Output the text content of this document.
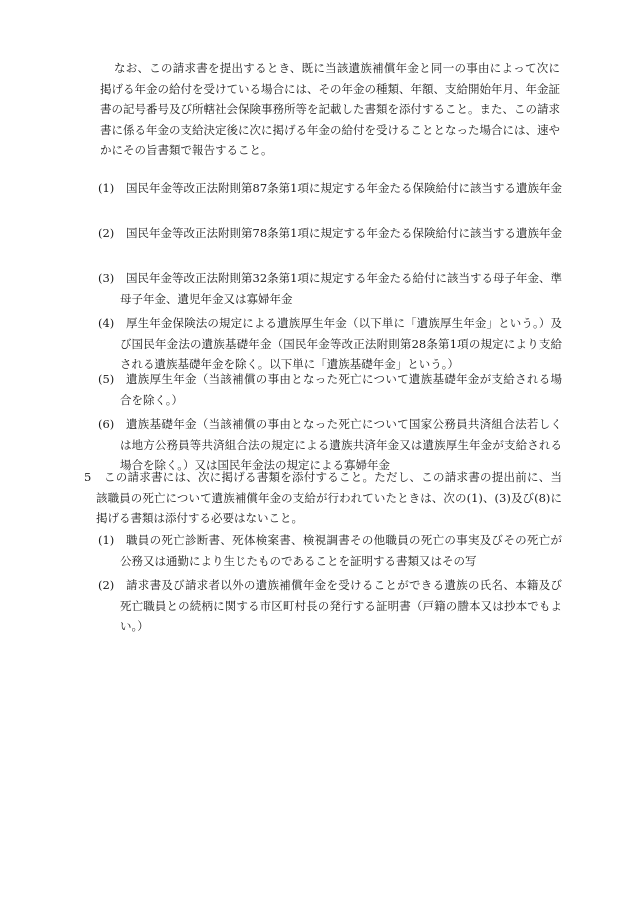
なお、この請求書を提出するとき、既に当該遺族補償年金と同一の事由によって次に掲げる年金の給付を受けている場合には、その年金の種類、年額、支給開始年月、年金証書の記号番号及び所轄社会保険事務所等を記載した書類を添付すること。また、この請求書に係る年金の支給決定後に次に掲げる年金の給付を受けることとなった場合には、速やかにその旨書類で報告すること。

(1)	国民年金等改正法附則第87条第1項に規定する年金たる保険給付に該当する遺族年金
(2)	国民年金等改正法附則第78条第1項に規定する年金たる保険給付に該当する遺族年金
(3)	国民年金等改正法附則第32条第1項に規定する年金たる給付に該当する母子年金、準母子年金、遺児年金又は寡婦年金
(4)	厚生年金保険法の規定による遺族厚生年金（以下単に「遺族厚生年金」という。）及び国民年金法の遺族基礎年金（国民年金等改正法附則第28条第1項の規定により支給される遺族基礎年金を除く。以下単に「遺族基礎年金」という。）
(5)	遺族厚生年金（当該補償の事由となった死亡について遺族基礎年金が支給される場合を除く。）
(6)	遺族基礎年金（当該補償の事由となった死亡について国家公務員共済組合法若しくは地方公務員等共済組合法の規定による遺族共済年金又は遺族厚生年金が支給される場合を除く。）又は国民年金法の規定による寡婦年金
5	この請求書には、次に掲げる書類を添付すること。ただし、この請求書の提出前に、当該職員の死亡について遺族補償年金の支給が行われていたときは、次の(1)、(3)及び(8)に掲げる書類は添付する必要はないこと。
(1)	職員の死亡診断書、死体検案書、検視調書その他職員の死亡の事実及びその死亡が公務又は通勤により生じたものであることを証明する書類又はその写
(2)	請求書及び請求者以外の遺族補償年金を受けることができる遺族の氏名、本籍及び死亡職員との続柄に関する市区町村長の発行する証明書（戸籍の謄本又は抄本でもよい。）
